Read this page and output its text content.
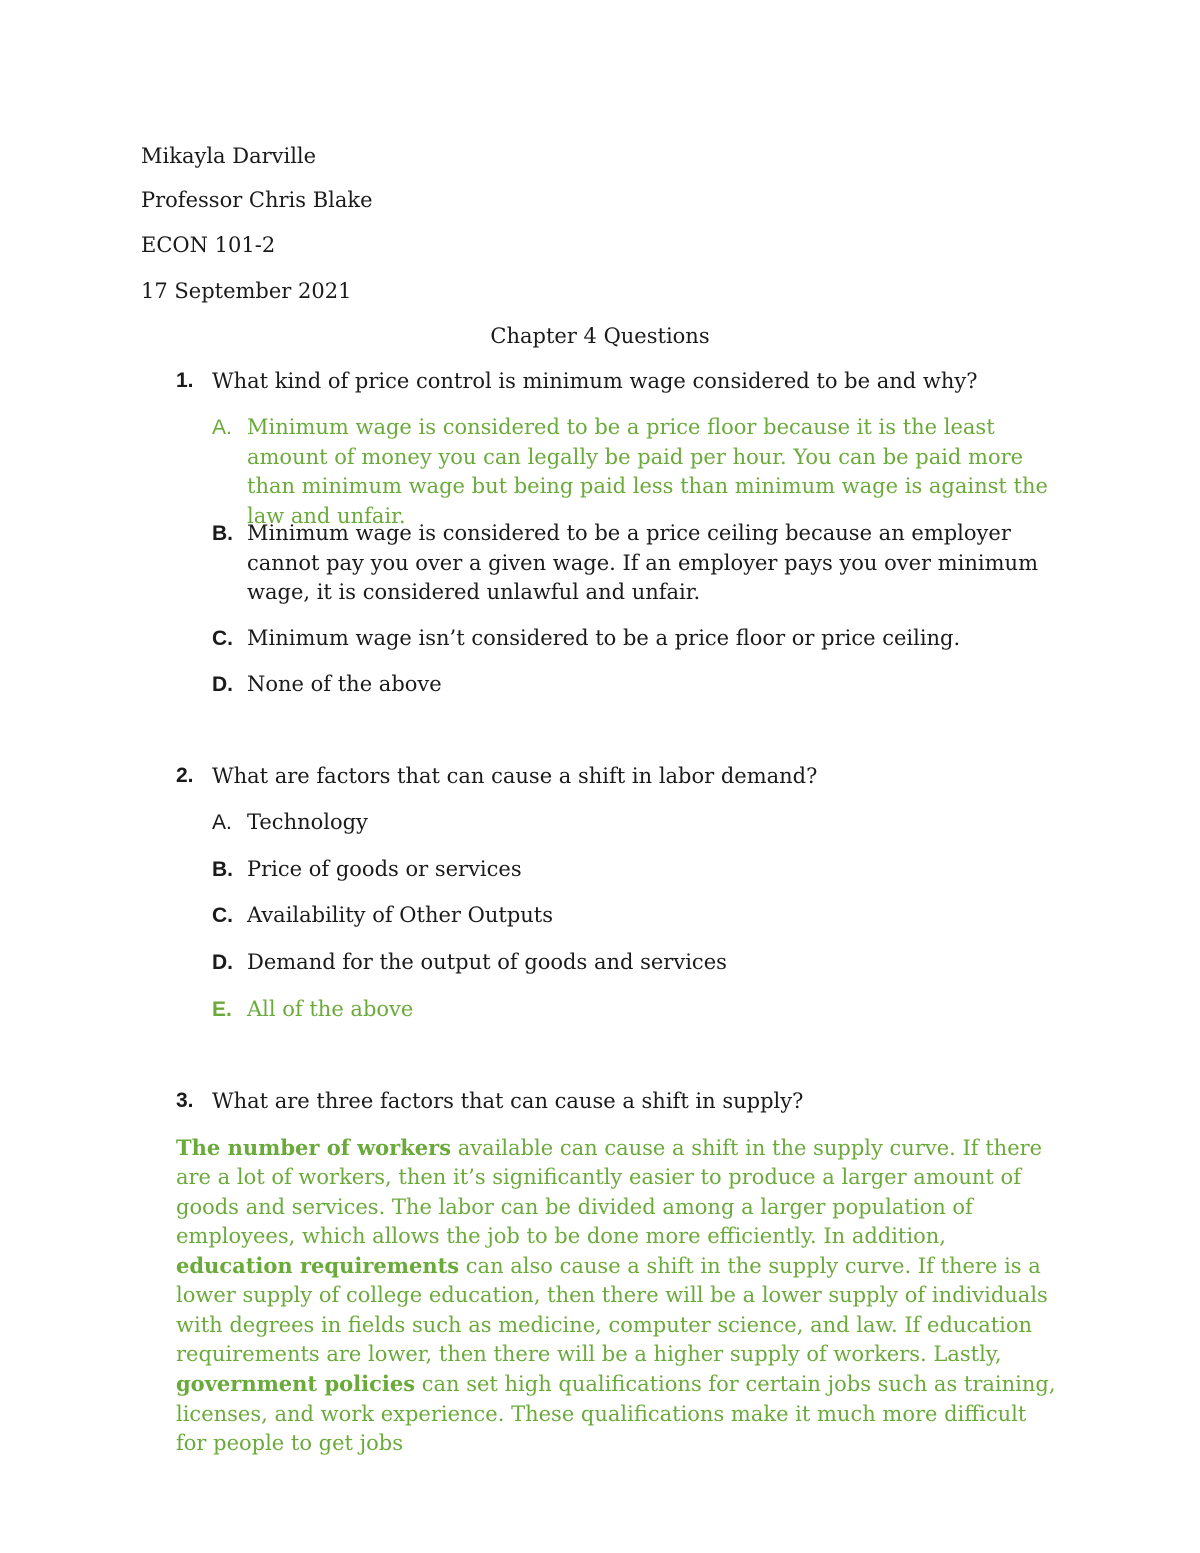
Mikayla Darville
Professor Chris Blake
ECON 101-2
17 September 2021
Chapter 4 Questions
1. What kind of price control is minimum wage considered to be and why?
A. Minimum wage is considered to be a price floor because it is the least amount of money you can legally be paid per hour. You can be paid more than minimum wage but being paid less than minimum wage is against the law and unfair.
B. Minimum wage is considered to be a price ceiling because an employer cannot pay you over a given wage. If an employer pays you over minimum wage, it is considered unlawful and unfair.
C. Minimum wage isn’t considered to be a price floor or price ceiling.
D. None of the above
2. What are factors that can cause a shift in labor demand?
A. Technology
B. Price of goods or services
C. Availability of Other Outputs
D. Demand for the output of goods and services
E. All of the above
3. What are three factors that can cause a shift in supply?
The number of workers available can cause a shift in the supply curve. If there are a lot of workers, then it’s significantly easier to produce a larger amount of goods and services. The labor can be divided among a larger population of employees, which allows the job to be done more efficiently. In addition, education requirements can also cause a shift in the supply curve. If there is a lower supply of college education, then there will be a lower supply of individuals with degrees in fields such as medicine, computer science, and law. If education requirements are lower, then there will be a higher supply of workers. Lastly, government policies can set high qualifications for certain jobs such as training, licenses, and work experience. These qualifications make it much more difficult for people to get jobs
